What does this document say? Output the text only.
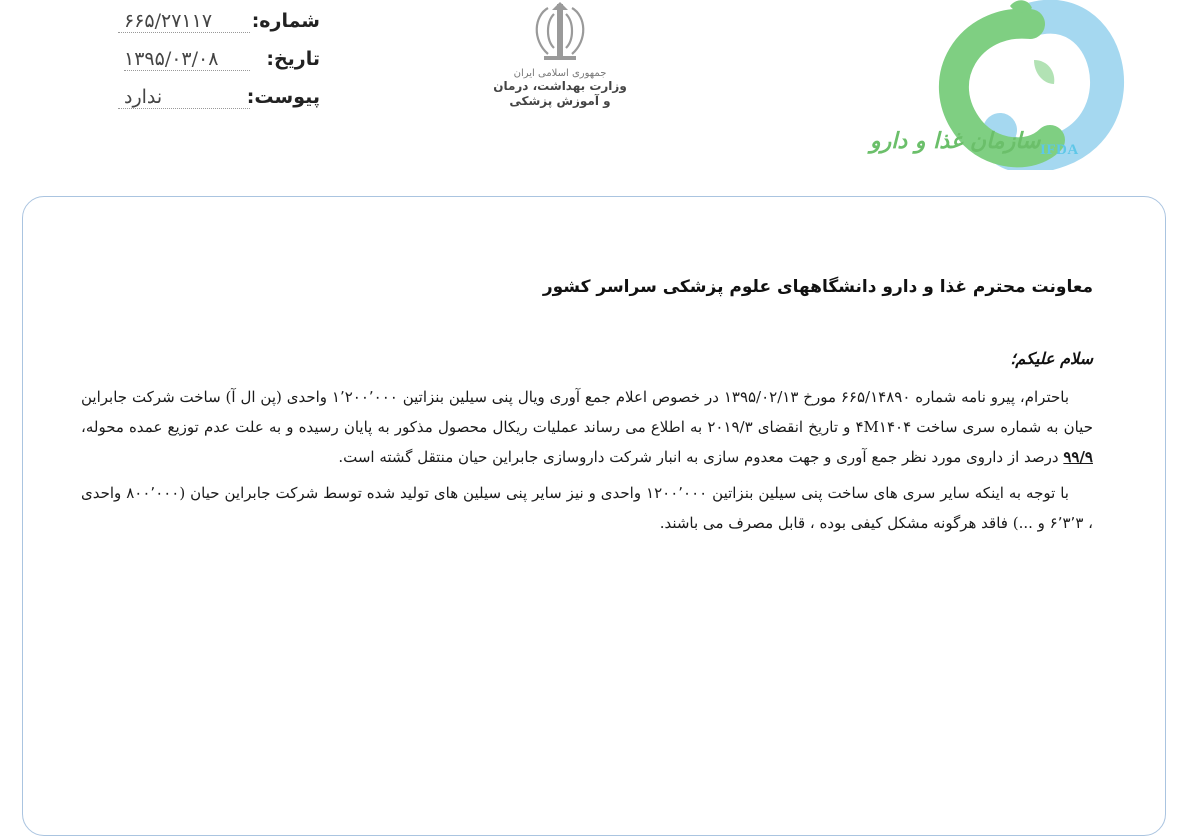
شماره:
۶۶۵/۲۷۱۱۷
تاریخ:
۱۳۹۵/۰۳/۰۸
پیوست:
ندارد
جمهوری اسلامی ایران
وزارت بهداشت، درمان
و آموزش پزشکی
سازمان غذا و دارو IFDA

معاونت محترم غذا و دارو دانشگاههای علوم پزشکی سراسر کشور

سلام علیکم؛

باحترام، پیرو نامه شماره ۶۶۵/۱۴۸۹۰ مورخ ۱۳۹۵/۰۲/۱۳ در خصوص اعلام جمع آوری ویال پنی سیلین بنزاتین ۱٬۲۰۰٬۰۰۰ واحدی (پن ال آ) ساخت شرکت جابراین حیان به شماره سری ساخت ۴M۱۴۰۴ و تاریخ انقضای ۲۰۱۹/۳ به اطلاع می رساند عملیات ریکال محصول مذکور به پایان رسیده و به علت عدم توزیع عمده محوله، ۹۹/۹ درصد از داروی مورد نظر جمع آوری و جهت معدوم سازی به انبار شرکت داروسازی جابراین حیان منتقل گشته است.

با توجه به اینکه سایر سری های ساخت پنی سیلین بنزاتین ۱۲۰۰٬۰۰۰ واحدی و نیز سایر پنی سیلین های تولید شده توسط شرکت جابراین حیان (۸۰۰٬۰۰۰ واحدی ، ۶٬۳٬۳ و ...) فاقد هرگونه مشکل کیفی بوده ، قابل مصرف می باشند.
